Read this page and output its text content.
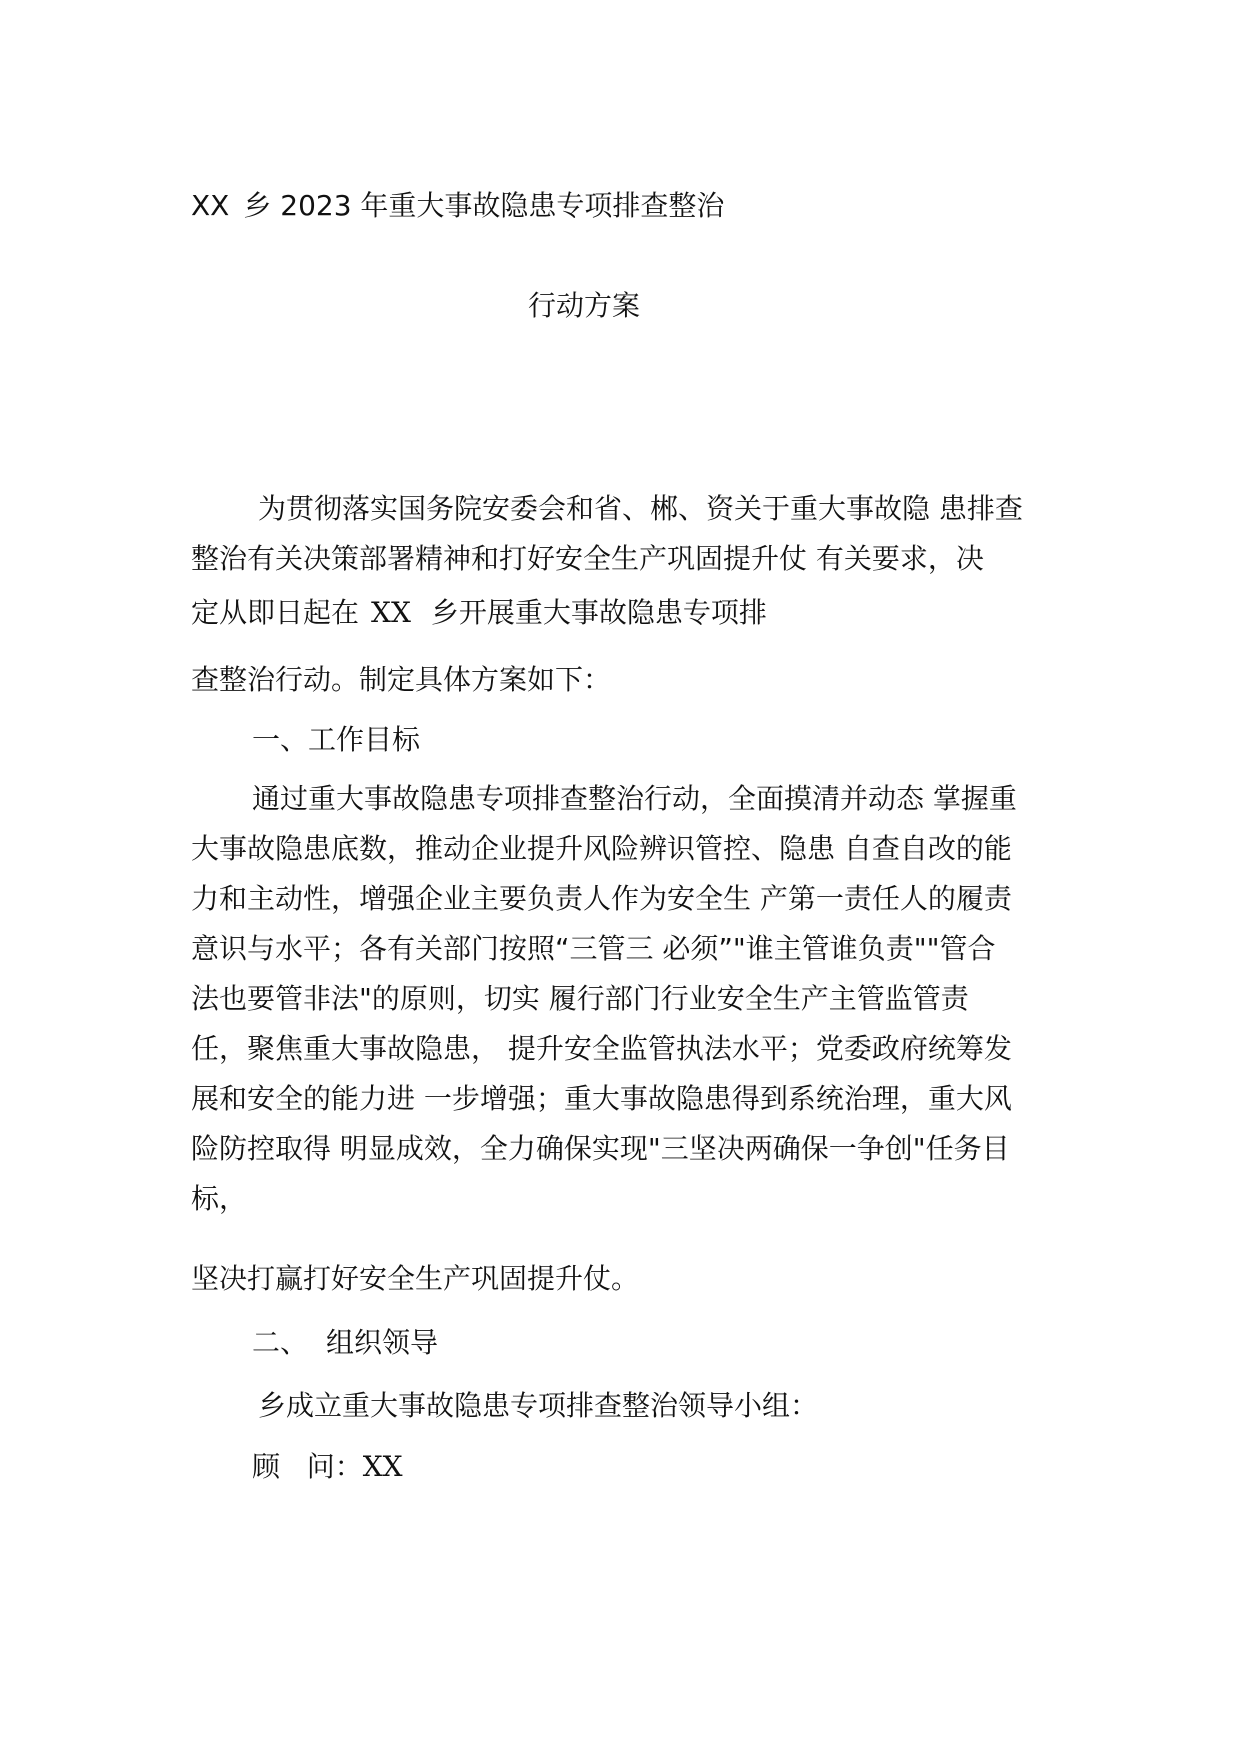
XX 乡 2023 年重大事故隐患专项排查整治

行动方案

为贯彻落实国务院安委会和省、郴、资关于重大事故隐 患排查

整治有关决策部署精神和打好安全生产巩固提升仗 有关要求，决

定从即日起在 XX 乡开展重大事故隐患专项排

查整治行动。制定具体方案如下：

一、工作目标

通过重大事故隐患专项排查整治行动，全面摸清并动态 掌握重

大事故隐患底数，推动企业提升风险辨识管控、隐患 自查自改的能

力和主动性，增强企业主要负责人作为安全生 产第一责任人的履责

意识与水平；各有关部门按照“三管三 必须”"谁主管谁负责""管合

法也要管非法"的原则，切实 履行部门行业安全生产主管监管责

任，聚焦重大事故隐患， 提升安全监管执法水平；党委政府统筹发

展和安全的能力进 一步增强；重大事故隐患得到系统治理，重大风

险防控取得 明显成效，全力确保实现"三坚决两确保一争创"任务目

标，

坚决打赢打好安全生产巩固提升仗。

二、 组织领导

乡成立重大事故隐患专项排查整治领导小组：

顾   问：XX
